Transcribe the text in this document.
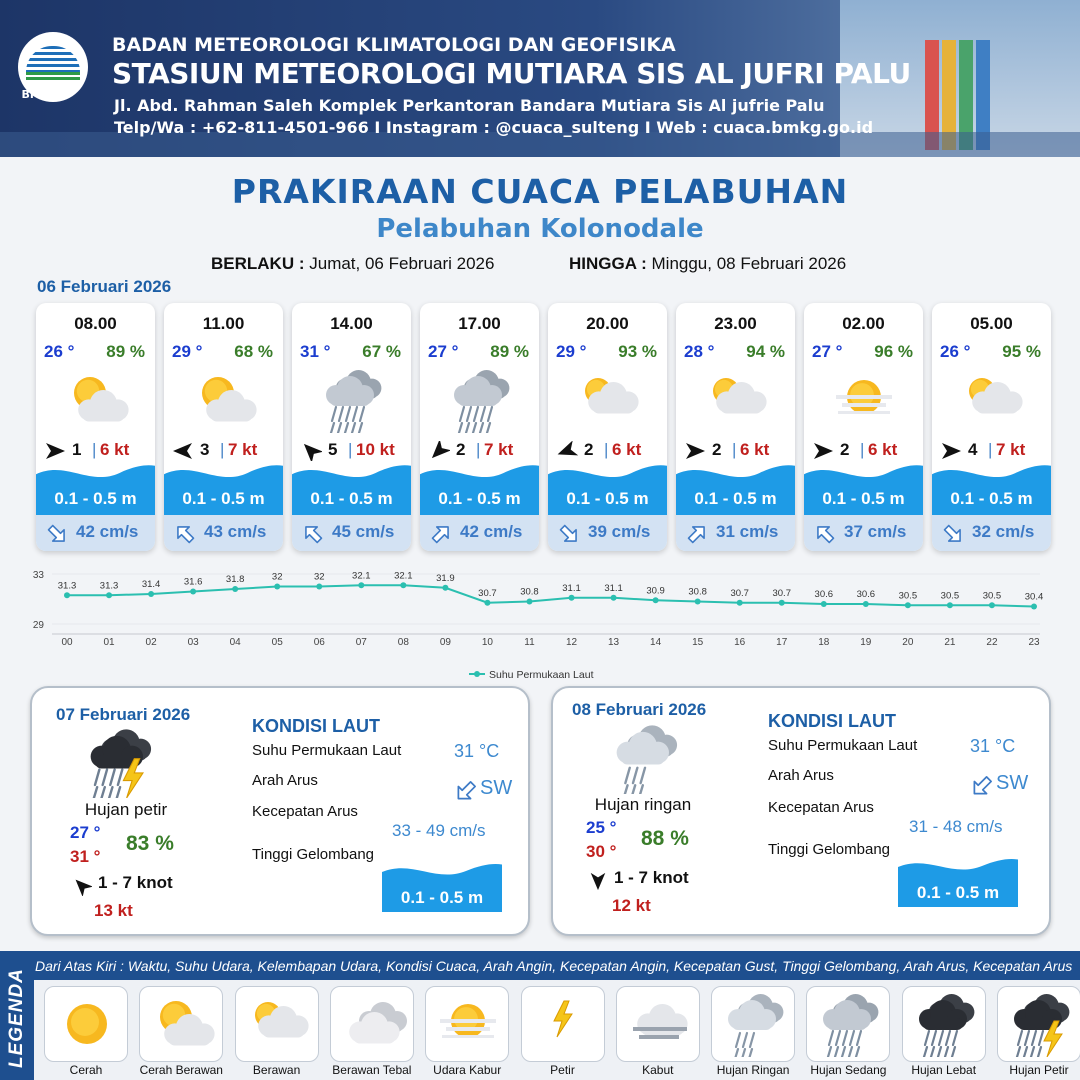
BMKG
BADAN METEOROLOGI KLIMATOLOGI DAN GEOFISIKA
STASIUN METEOROLOGI MUTIARA SIS AL JUFRI PALU
Jl. Abd. Rahman Saleh Komplek Perkantoran Bandara Mutiara Sis Al jufrie Palu
Telp/Wa : +62-811-4501-966 I Instagram : @cuaca_sulteng I Web : cuaca.bmkg.go.id
PRAKIRAAN CUACA PELABUHAN
Pelabuhan Kolonodale
BERLAKU : Jumat, 06 Februari 2026	HINGGA : Minggu, 08 Februari 2026
06 Februari 2026
08.00
26 ° 89 %
1 | 6 kt
0.1 - 0.5 m
42 cm/s
11.00
29 ° 68 %
3 | 7 kt
0.1 - 0.5 m
43 cm/s
14.00
31 ° 67 %
5 | 10 kt
0.1 - 0.5 m
45 cm/s
17.00
27 ° 89 %
2 | 7 kt
0.1 - 0.5 m
42 cm/s
20.00
29 ° 93 %
2 | 6 kt
0.1 - 0.5 m
39 cm/s
23.00
28 ° 94 %
2 | 6 kt
0.1 - 0.5 m
31 cm/s
02.00
27 ° 96 %
2 | 6 kt
0.1 - 0.5 m
37 cm/s
05.00
26 ° 95 %
4 | 7 kt
0.1 - 0.5 m
32 cm/s
33
29
31.3
00
31.3
01
31.4
02
31.6
03
31.8
04
32
05
32
06
32.1
07
32.1
08
31.9
09
30.7
10
30.8
11
31.1
12
31.1
13
30.9
14
30.8
15
30.7
16
30.7
17
30.6
18
30.6
19
30.5
20
30.5
21
30.5
22
30.4
23
Suhu Permukaan Laut
07 Februari 2026
Hujan petir
27 °
31 °
83 %
1 - 7 knot
13 kt
KONDISI LAUT
Suhu Permukaan Laut	31 °C
Arah Arus	SW
Kecepatan Arus
33 - 49 cm/s
Tinggi Gelombang
0.1 - 0.5 m
08 Februari 2026
Hujan ringan
25 °
30 °
88 %
1 - 7 knot
12 kt
KONDISI LAUT
Suhu Permukaan Laut	31 °C
Arah Arus	SW
Kecepatan Arus
31 - 48 cm/s
Tinggi Gelombang
0.1 - 0.5 m
LEGENDA
Dari Atas Kiri : Waktu, Suhu Udara, Kelembapan Udara, Kondisi Cuaca, Arah Angin, Kecepatan Angin, Kecepatan Gust, Tinggi Gelombang, Arah Arus, Kecepatan Arus
Cerah	Cerah Berawan	Berawan	Berawan Tebal	Udara Kabur	Petir	Kabut	Hujan Ringan	Hujan Sedang	Hujan Lebat	Hujan Petir
